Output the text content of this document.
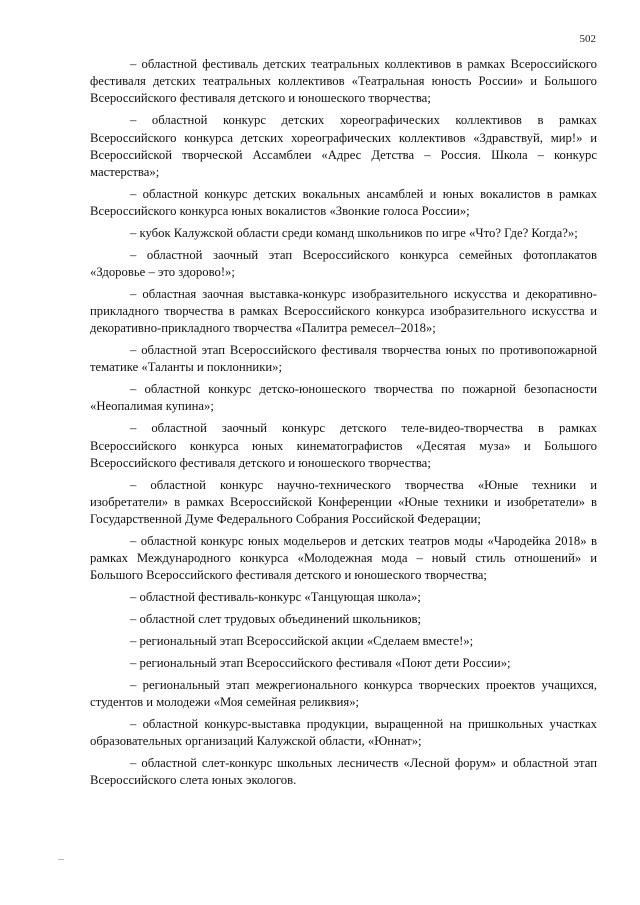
502

– областной фестиваль детских театральных коллективов в рамках Всероссийского фестиваля детских театральных коллективов «Театральная юность России» и Большого Всероссийского фестиваля детского и юношеского творчества;

– областной конкурс детских хореографических коллективов в рамках Всероссийского конкурса детских хореографических коллективов «Здравствуй, мир!» и Всероссийской творческой Ассамблеи «Адрес Детства – Россия. Школа – конкурс мастерства»;

– областной конкурс детских вокальных ансамблей и юных вокалистов в рамках Всероссийского конкурса юных вокалистов «Звонкие голоса России»;

– кубок Калужской области среди команд школьников по игре «Что? Где? Когда?»;

– областной заочный этап Всероссийского конкурса семейных фотоплакатов «Здоровье – это здорово!»;

– областная заочная выставка-конкурс изобразительного искусства и декоративно-прикладного творчества в рамках Всероссийского конкурса изобразительного искусства и декоративно-прикладного творчества «Палитра ремесел–2018»;

– областной этап Всероссийского фестиваля творчества юных по противопожарной тематике «Таланты и поклонники»;

– областной конкурс детско-юношеского творчества по пожарной безопасности «Неопалимая купина»;

– областной заочный конкурс детского теле-видео-творчества в рамках Всероссийского конкурса юных кинематографистов «Десятая муза» и Большого Всероссийского фестиваля детского и юношеского творчества;

– областной конкурс научно-технического творчества «Юные техники и изобретатели» в рамках Всероссийской Конференции «Юные техники и изобретатели» в Государственной Думе Федерального Собрания Российской Федерации;

– областной конкурс юных модельеров и детских театров моды «Чародейка 2018» в рамках Международного конкурса «Молодежная мода – новый стиль отношений» и Большого Всероссийского фестиваля детского и юношеского творчества;

– областной фестиваль-конкурс «Танцующая школа»;

– областной слет трудовых объединений школьников;

– региональный этап Всероссийской акции «Сделаем вместе!»;

– региональный этап Всероссийского фестиваля «Поют дети России»;

– региональный этап межрегионального конкурса творческих проектов учащихся, студентов и молодежи «Моя семейная реликвия»;

– областной конкурс-выставка продукции, выращенной на пришкольных участках образовательных организаций Калужской области, «Юннат»;

– областной слет-конкурс школьных лесничеств «Лесной форум» и областной этап Всероссийского слета юных экологов.
